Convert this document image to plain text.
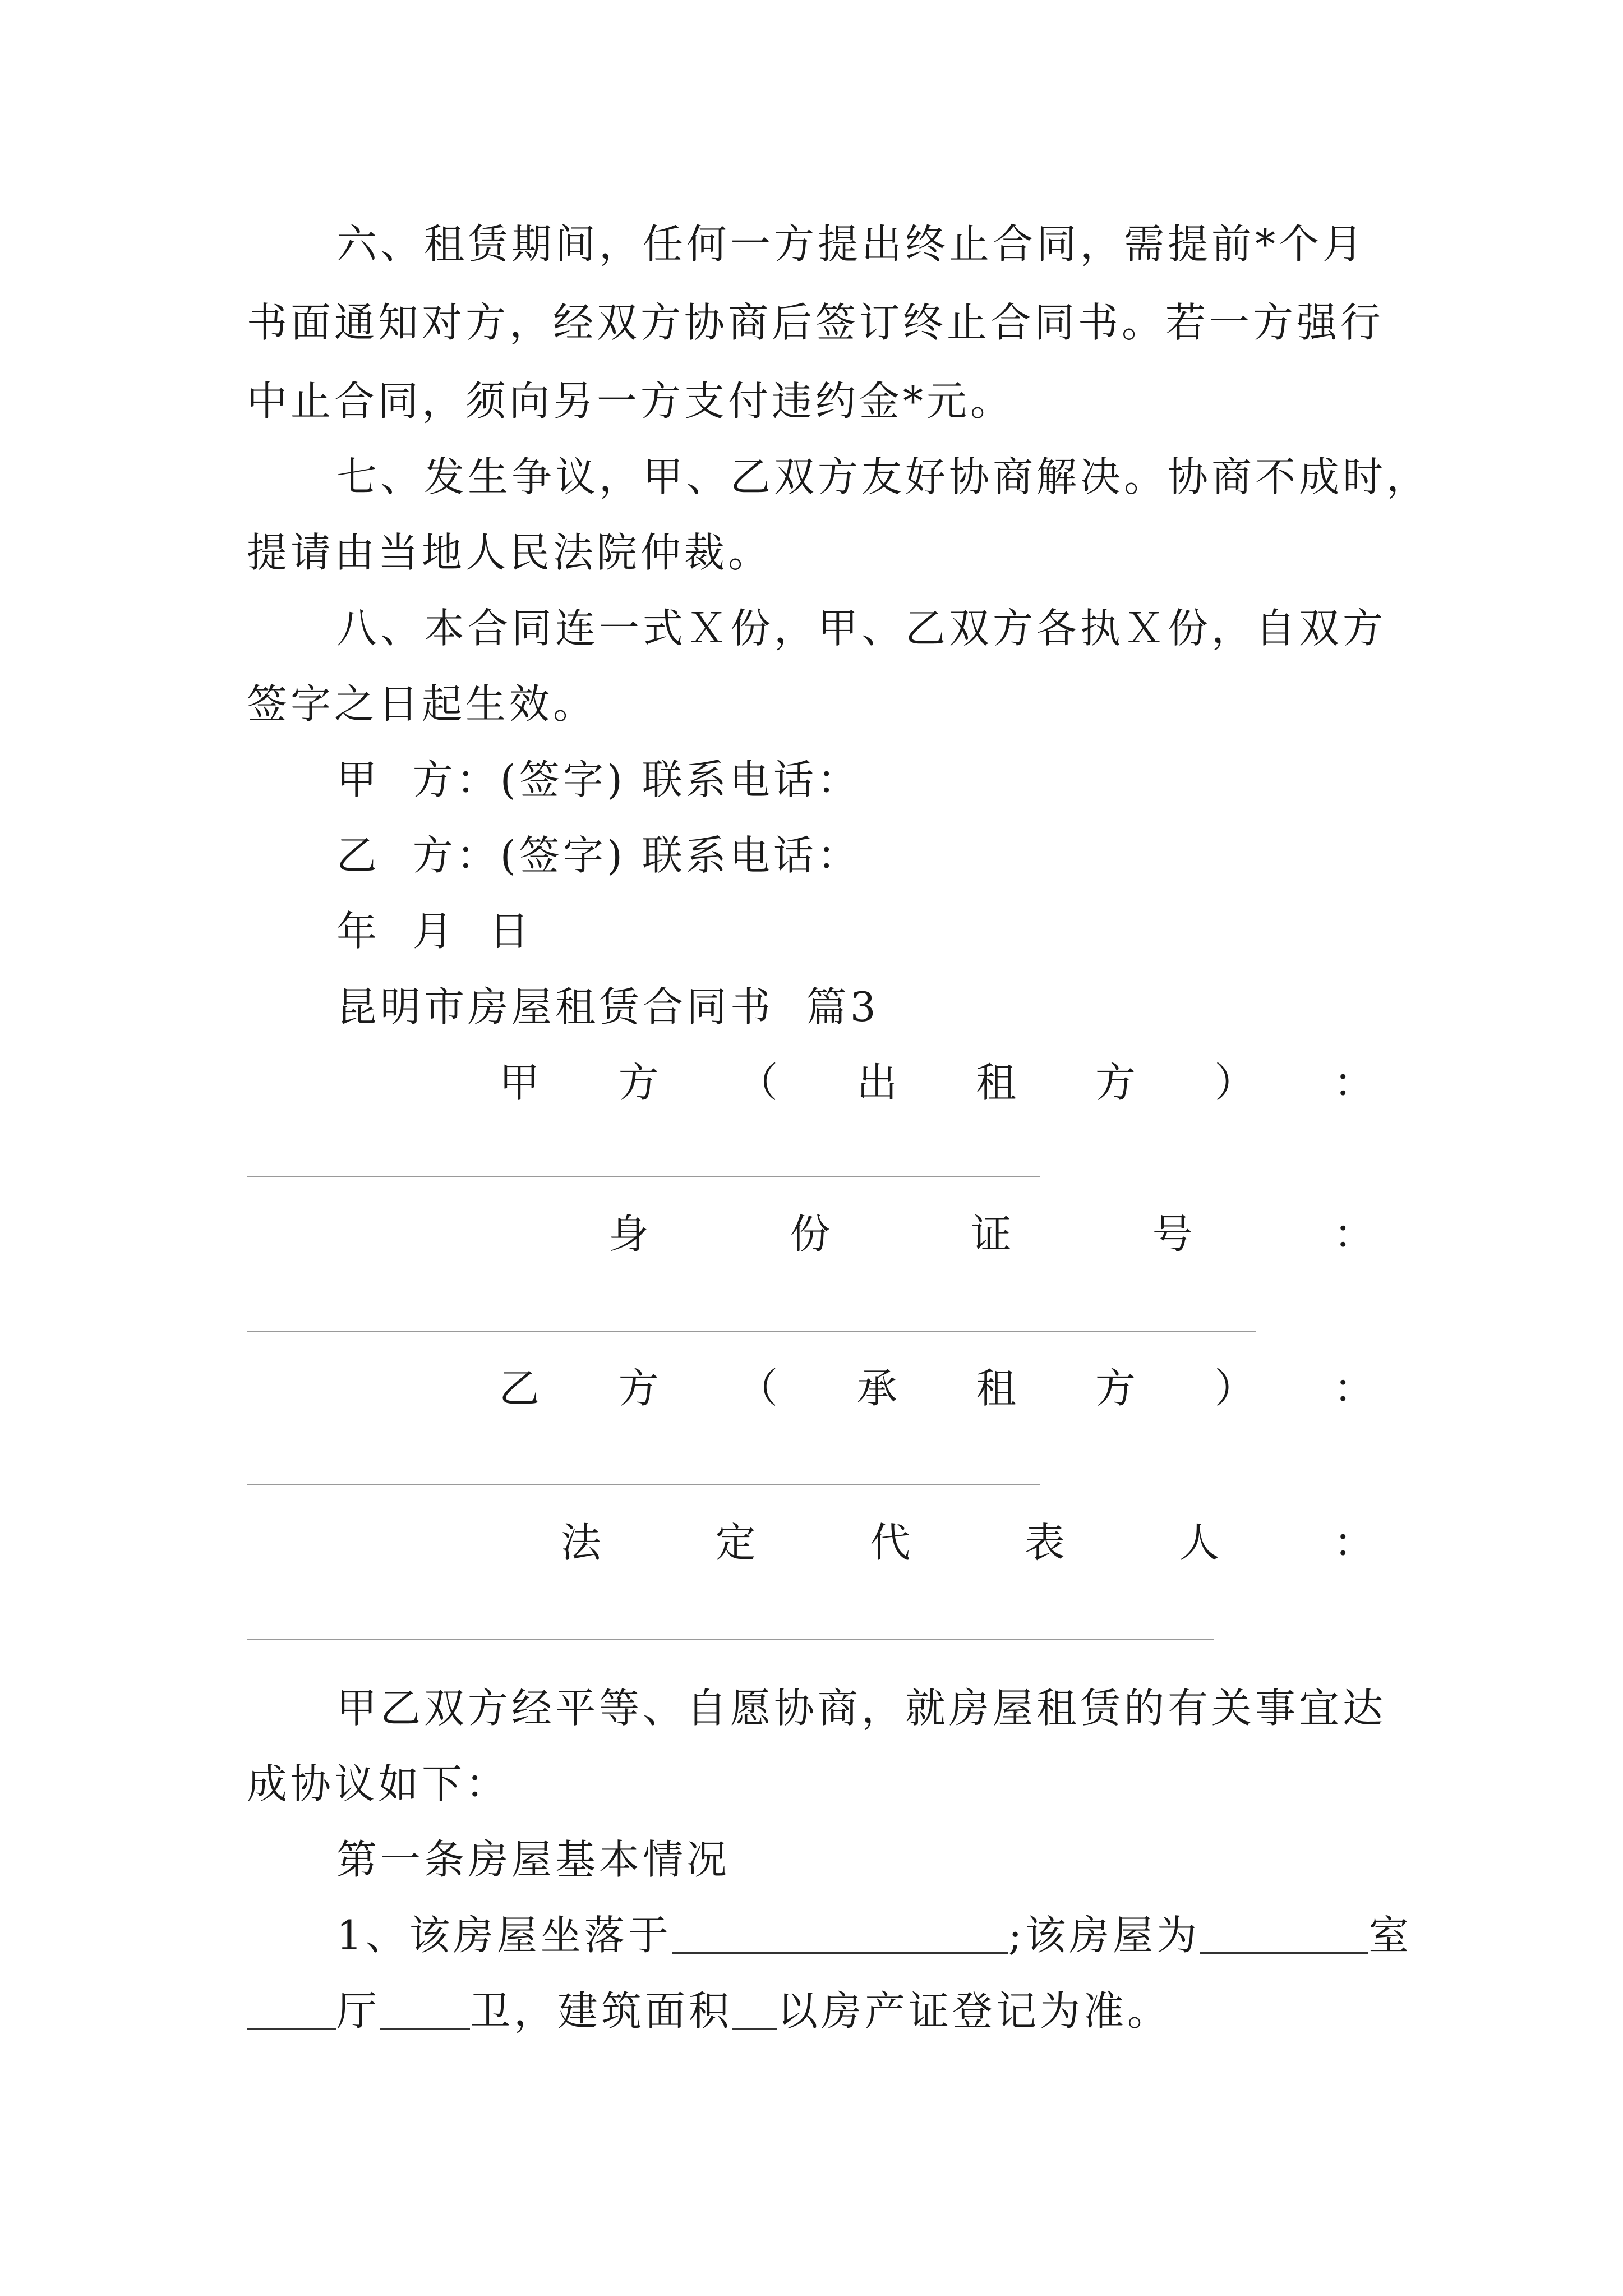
六、租赁期间，任何一方提出终止合同，需提前*个月
书面通知对方，经双方协商后签订终止合同书。若一方强行
中止合同，须向另一方支付违约金*元。
七、发生争议，甲、乙双方友好协商解决。协商不成时，
提请由当地人民法院仲裁。
八、本合同连一式Ｘ份，甲、乙双方各执Ｘ份，自双方
签字之日起生效。
甲  方：(签字) 联系电话：
乙  方：(签字) 联系电话：
年  月  日
昆明市房屋租赁合同书  篇3
甲 方 （ 出 租 方 ） ：
身	份	证	号	：
乙 方 （ 承 租 方 ） ：
法	定	代	表	人	：
甲乙双方经平等、自愿协商，就房屋租赁的有关事宜达
成协议如下：
第一条房屋基本情况
1、该房屋坐落于	;该房屋为	室
厅 卫，建筑面积 以房产证登记为准。
